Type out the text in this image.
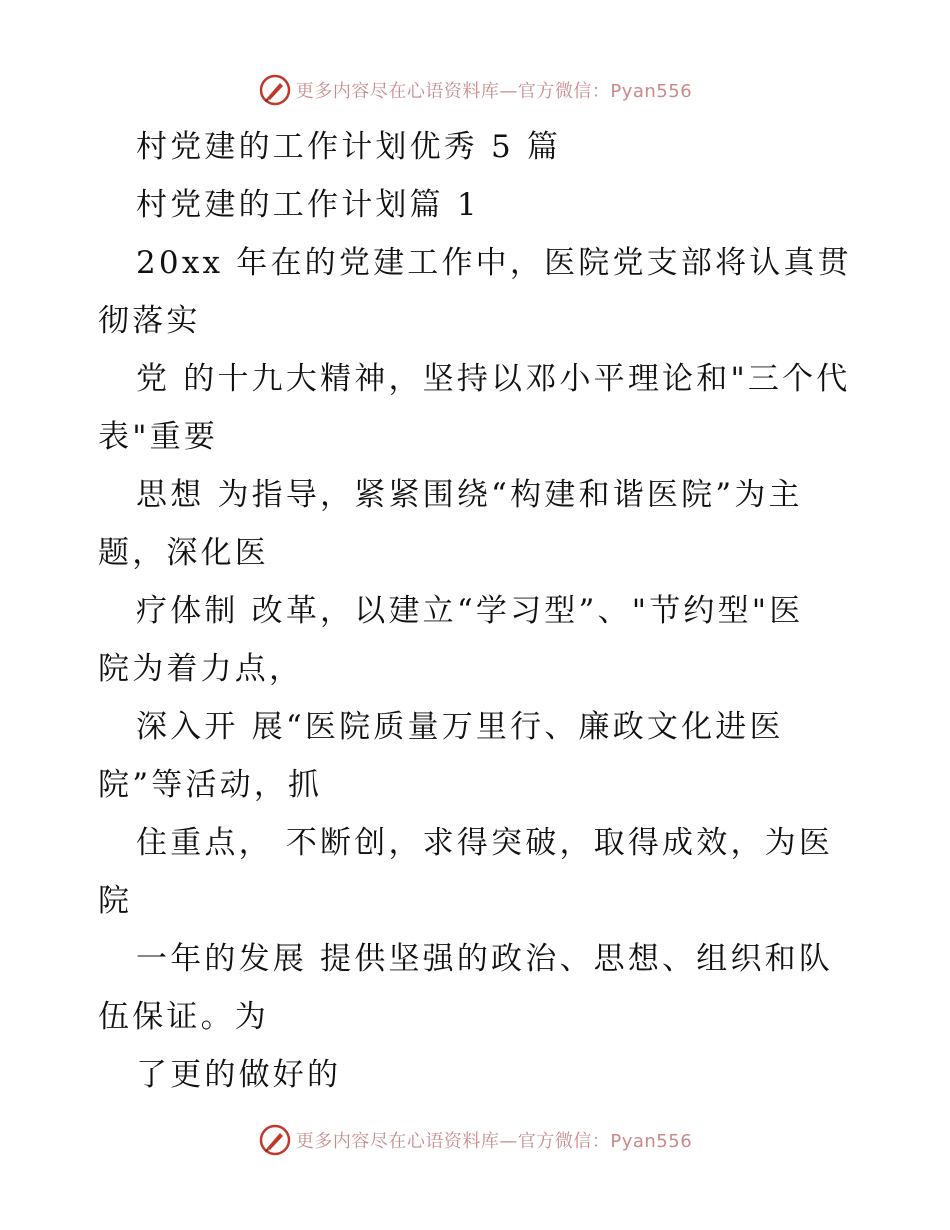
更多内容尽在心语资料库—官方微信：Pyan556
村党建的工作计划优秀 5 篇
村党建的工作计划篇 1
20xx 年在的党建工作中，医院党支部将认真贯
彻落实
党 的十九大精神，坚持以邓小平理论和"三个代
表"重要
思想 为指导，紧紧围绕“构建和谐医院”为主
题，深化医
疗体制 改革，以建立“学习型”、"节约型"医
院为着力点，
深入开 展“医院质量万里行、廉政文化进医
院”等活动，抓
住重点， 不断创，求得突破，取得成效，为医
院
一年的发展 提供坚强的政治、思想、组织和队
伍保证。为
了更的做好的
更多内容尽在心语资料库—官方微信：Pyan556
